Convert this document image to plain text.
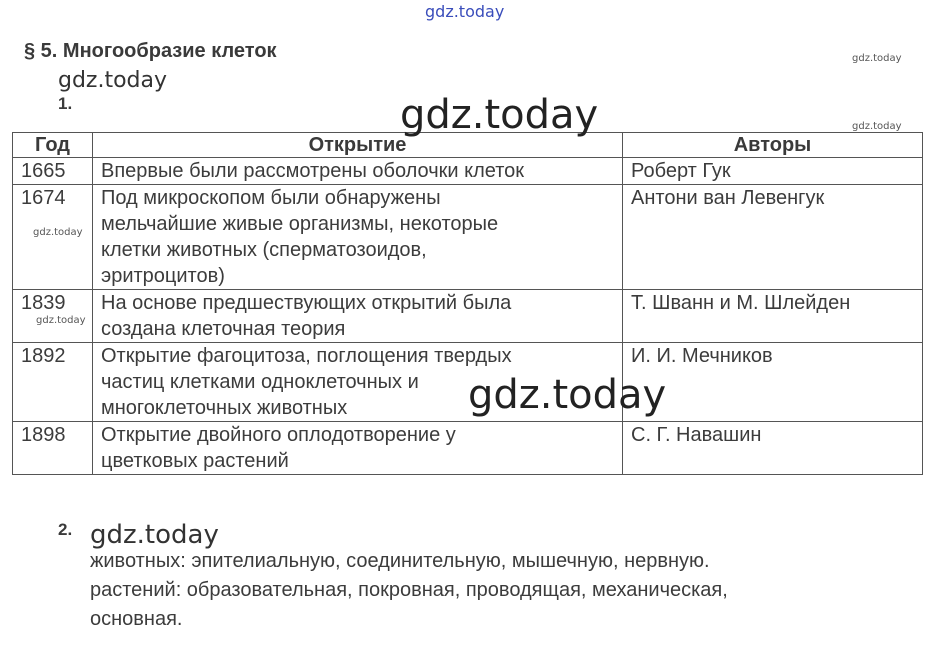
gdz.today
gdz.today
gdz.today
gdz.today
§ 5. Многообразие клеток
1.
Год	Открытие	Авторы
1665	Впервые были рассмотрены оболочки клеток	Роберт Гук
1674	Под микроскопом были обнаружены
мельчайшие живые организмы, некоторые
клетки животных (сперматозоидов,
эритроцитов)	Антони ван Левенгук
1839	На основе предшествующих открытий была
создана клеточная теория	Т. Шванн и М. Шлейден
1892	Открытие фагоцитоза, поглощения твердых
частиц клетками одноклеточных и
многоклеточных животных	И. И. Мечников
1898	Открытие двойного оплодотворение у
цветковых растений	С. Г. Навашин
gdz.today
gdz.today
gdz.today
gdz.today
2. gdz.today
животных: эпителиальную, соединительную, мышечную, нервную.
растений: образовательная, покровная, проводящая, механическая,
основная.
